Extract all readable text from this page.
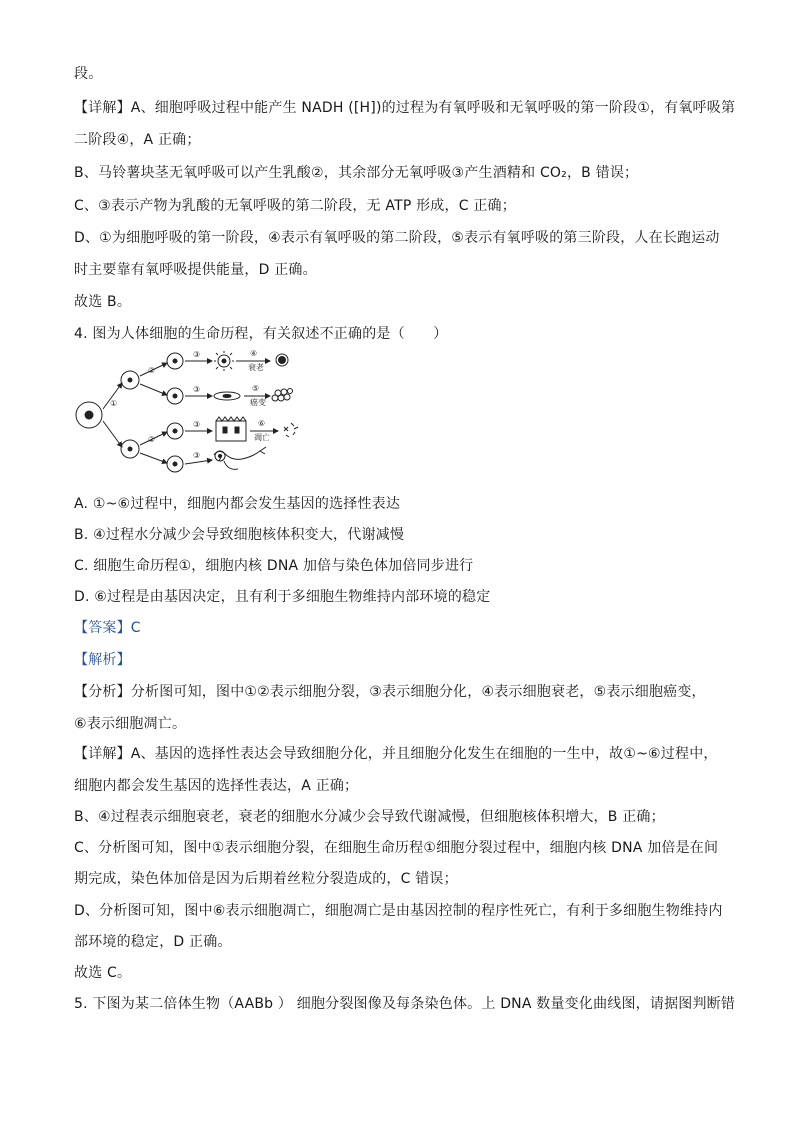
段。
【详解】A、细胞呼吸过程中能产生 NADH ([H])的过程为有氧呼吸和无氧呼吸的第一阶段①，有氧呼吸第
二阶段④，A 正确；
B、马铃薯块茎无氧呼吸可以产生乳酸②，其余部分无氧呼吸③产生酒精和 CO₂，B 错误；
C、③表示产物为乳酸的无氧呼吸的第二阶段，无 ATP 形成，C 正确；
D、①为细胞呼吸的第一阶段，④表示有氧呼吸的第二阶段，⑤表示有氧呼吸的第三阶段，人在长跑运动
时主要靠有氧呼吸提供能量，D 正确。
故选 B。
4. 图为人体细胞的生命历程，有关叙述不正确的是（　　）
①
②
②
③
③
③
③
④
衰老
⑤
癌变
⑥
凋亡
A. ①~⑥过程中，细胞内都会发生基因的选择性表达
B. ④过程水分减少会导致细胞核体积变大，代谢减慢
C. 细胞生命历程①，细胞内核 DNA 加倍与染色体加倍同步进行
D. ⑥过程是由基因决定，且有利于多细胞生物维持内部环境的稳定
【答案】C
【解析】
【分析】分析图可知，图中①②表示细胞分裂，③表示细胞分化，④表示细胞衰老，⑤表示细胞癌变，
⑥表示细胞凋亡。
【详解】A、基因的选择性表达会导致细胞分化，并且细胞分化发生在细胞的一生中，故①~⑥过程中，
细胞内都会发生基因的选择性表达，A 正确；
B、④过程表示细胞衰老，衰老的细胞水分减少会导致代谢减慢，但细胞核体积增大，B 正确；
C、分析图可知，图中①表示细胞分裂，在细胞生命历程①细胞分裂过程中，细胞内核 DNA 加倍是在间
期完成，染色体加倍是因为后期着丝粒分裂造成的，C 错误；
D、分析图可知，图中⑥表示细胞凋亡，细胞凋亡是由基因控制的程序性死亡，有利于多细胞生物维持内
部环境的稳定，D 正确。
故选 C。
5. 下图为某二倍体生物（AABb ） 细胞分裂图像及每条染色体。上 DNA 数量变化曲线图，请据图判断错
